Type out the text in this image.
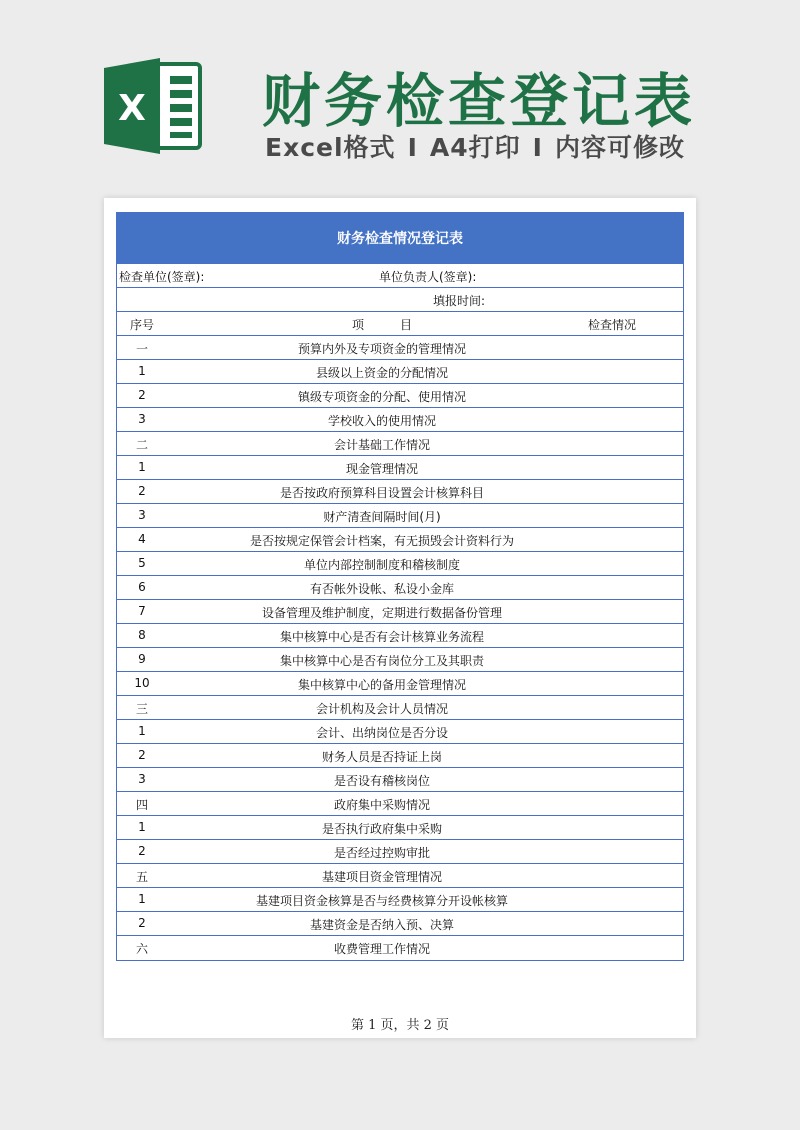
X 财务检查登记表
Excel格式 I A4打印 I 内容可修改
财务检查情况登记表
检查单位(签章):	单位负责人(签章):
填报时间:
序号	项　　　目	检查情况
一	预算内外及专项资金的管理情况
1	县级以上资金的分配情况
2	镇级专项资金的分配、使用情况
3	学校收入的使用情况
二	会计基础工作情况
1	现金管理情况
2	是否按政府预算科目设置会计核算科目
3	财产清查间隔时间(月)
4	是否按规定保管会计档案，有无损毁会计资料行为
5	单位内部控制制度和稽核制度
6	有否帐外设帐、私设小金库
7	设备管理及维护制度，定期进行数据备份管理
8	集中核算中心是否有会计核算业务流程
9	集中核算中心是否有岗位分工及其职责
10	集中核算中心的备用金管理情况
三	会计机构及会计人员情况
1	会计、出纳岗位是否分设
2	财务人员是否持证上岗
3	是否设有稽核岗位
四	政府集中采购情况
1	是否执行政府集中采购
2	是否经过控购审批
五	基建项目资金管理情况
1	基建项目资金核算是否与经费核算分开设帐核算
2	基建资金是否纳入预、决算
六	收费管理工作情况
第 1 页，共 2 页
